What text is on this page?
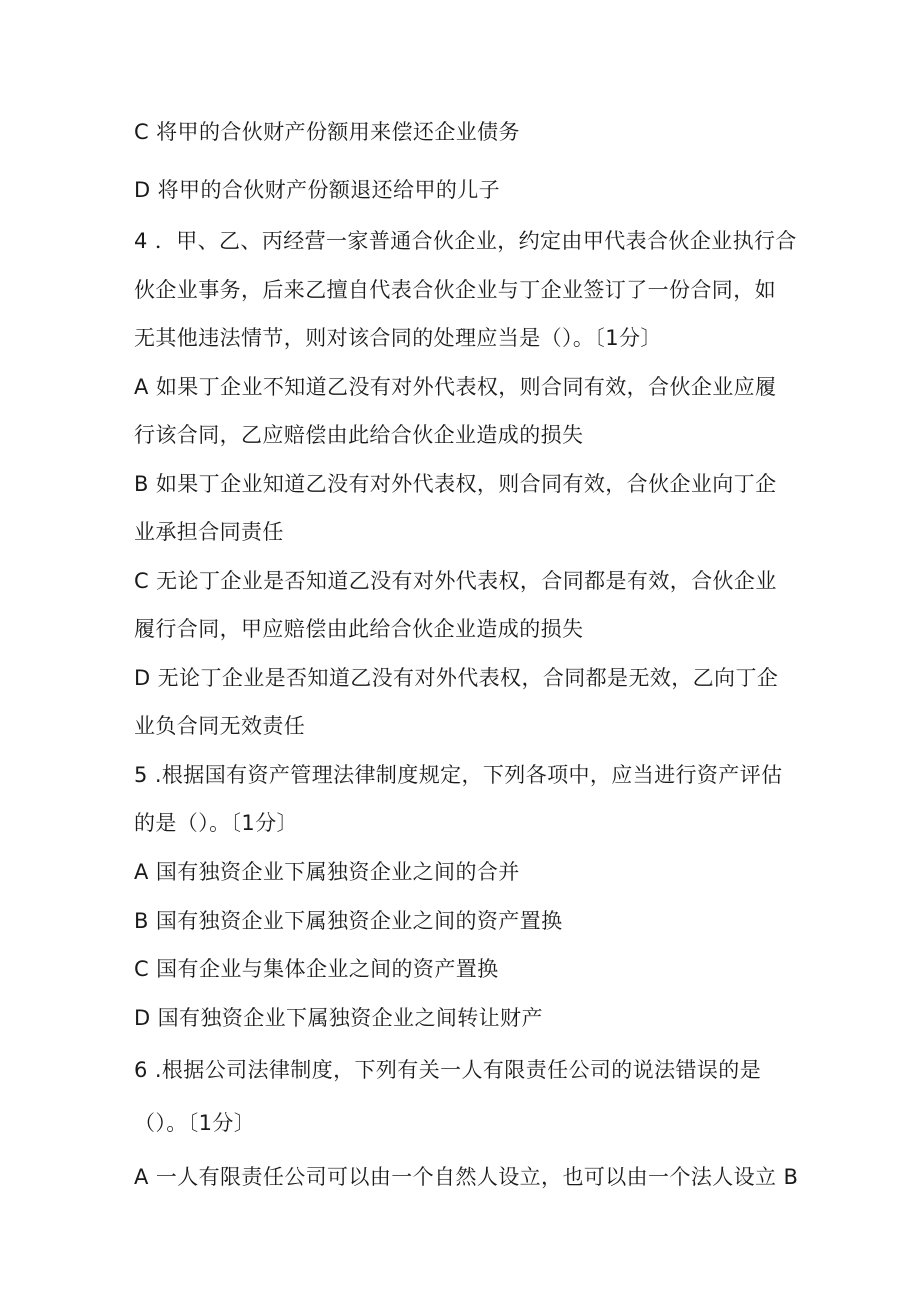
C 将甲的合伙财产份额用来偿还企业债务
D 将甲的合伙财产份额退还给甲的儿子
4 ．甲、乙、丙经营一家普通合伙企业，约定由甲代表合伙企业执行合
伙企业事务，后来乙擅自代表合伙企业与丁企业签订了一份合同，如
无其他违法情节，则对该合同的处理应当是（）。〔1分〕
A 如果丁企业不知道乙没有对外代表权，则合同有效，合伙企业应履
行该合同，乙应赔偿由此给合伙企业造成的损失
B 如果丁企业知道乙没有对外代表权，则合同有效，合伙企业向丁企
业承担合同责任
C 无论丁企业是否知道乙没有对外代表权，合同都是有效，合伙企业
履行合同，甲应赔偿由此给合伙企业造成的损失
D 无论丁企业是否知道乙没有对外代表权，合同都是无效，乙向丁企
业负合同无效责任
5 .根据国有资产管理法律制度规定，下列各项中，应当进行资产评估
的是（）。〔1分〕
A 国有独资企业下属独资企业之间的合并
B 国有独资企业下属独资企业之间的资产置换
C 国有企业与集体企业之间的资产置换
D 国有独资企业下属独资企业之间转让财产
6 .根据公司法律制度，下列有关一人有限责任公司的说法错误的是
（）。〔1分〕
A 一人有限责任公司可以由一个自然人设立，也可以由一个法人设立 B
